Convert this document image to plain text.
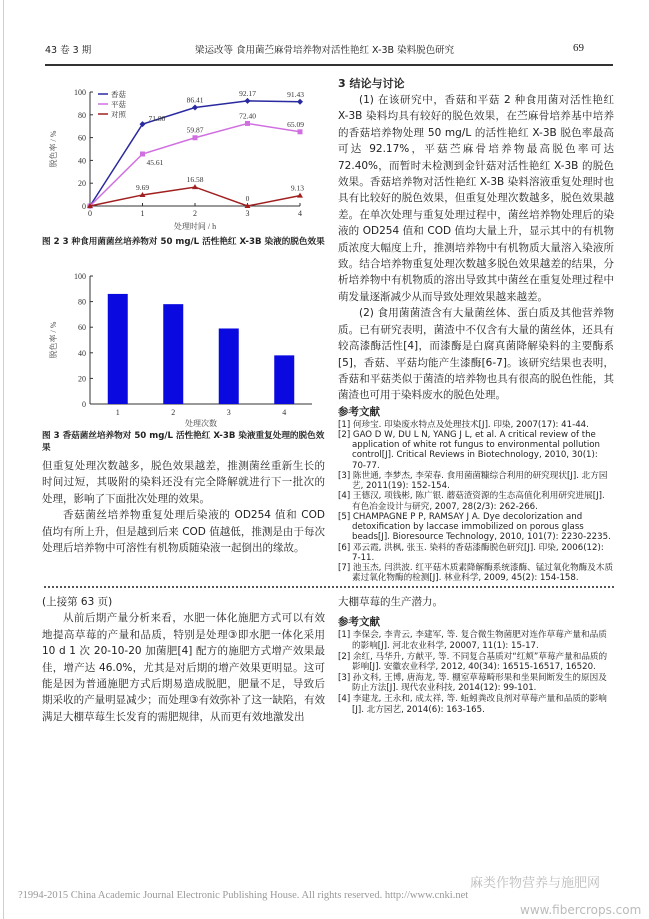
43 卷 3 期	梁运改等 食用菌苎麻骨培养物对活性艳红 X-3B 染料脱色研究	69
0
20
40
60
80
100
0	1	2	3	4
处理时间 / h
脱色率 / %
71.80
86.41
92.17	91.43
45.61
59.87
72.40
65.09
9.69
16.58
0
9.13
香菇
平菇
对照
图 2 3 种食用菌菌丝培养物对 50 mg/L 活性艳红 X-3B 染液的脱色效果
0
20
40
60
80
100
1	2	3	4
处理次数
脱色率 / %
图 3 香菇菌丝培养物对 50 mg/L 活性艳红 X-3B 染液重复处理的脱色效果
但重复处理次数越多，脱色效果越差，推测菌丝重新生长的时间过短，其吸附的染料还没有完全降解就进行下一批次的处理，影响了下面批次处理的效果。
香菇菌丝培养物重复处理后染液的 OD254 值和 COD 值均有所上升，但是越到后来 COD 值越低，推测是由于每次处理后培养物中可溶性有机物质随染液一起倒出的缘故。
3 结论与讨论
(1) 在该研究中，香菇和平菇 2 种食用菌对活性艳红 X-3B 染料均具有较好的脱色效果，在苎麻骨培养基中培养的香菇培养物处理 50 mg/L 的活性艳红 X-3B 脱色率最高可达 92.17%，平菇苎麻骨培养物最高脱色率可达 72.40%，而暂时未检测到金针菇对活性艳红 X-3B 的脱色效果。香菇培养物对活性艳红 X-3B 染料溶液重复处理时也具有比较好的脱色效果，但重复处理次数越多，脱色效果越差。在单次处理与重复处理过程中，菌丝培养物处理后的染液的 OD254 值和 COD 值均大量上升，显示其中的有机物质浓度大幅度上升，推测培养物中有机物质大量溶入染液所致。结合培养物重复处理次数越多脱色效果越差的结果，分析培养物中有机物质的溶出导致其中菌丝在重复处理过程中萌发量逐渐减少从而导致处理效果越来越差。
(2) 食用菌菌渣含有大量菌丝体、蛋白质及其他营养物质。已有研究表明，菌渣中不仅含有大量的菌丝体，还具有较高漆酶活性[4]，而漆酶是白腐真菌降解染料的主要酶系[5]，香菇、平菇均能产生漆酶[6-7]。该研究结果也表明，香菇和平菇类似于菌渣的培养物也具有很高的脱色性能，其菌渣也可用于染料废水的脱色处理。
参考文献
[1] 何珍宝. 印染废水特点及处理技术[J]. 印染, 2007(17): 41-44.
[2] GAO D W, DU L N, YANG J L, et al. A critical review of the application of white rot fungus to environmental pollution control[J]. Critical Reviews in Biotechnology, 2010, 30(1): 70-77.
[3] 陈世通, 李梦杰, 李荣春. 食用菌菌糠综合利用的研究现状[J]. 北方园艺, 2011(19): 152-154.
[4] 王德汉, 项钱彬, 陈广银. 蘑菇渣资源的生态高值化利用研究进展[J]. 有色冶金设计与研究, 2007, 28(2/3): 262-266.
[5] CHAMPAGNE P P, RAMSAY J A. Dye decolorization and detoxification by laccase immobilized on porous glass beads[J]. Bioresource Technology, 2010, 101(7): 2230-2235.
[6] 邓云霞, 洪枫, 张玉. 染料的香菇漆酶脱色研究[J]. 印染, 2006(12): 7-11.
[7] 池玉杰, 闫洪波. 红平菇木质素降解酶系统漆酶、锰过氧化物酶及木质素过氧化物酶的检测[J]. 林业科学, 2009, 45(2): 154-158.
(上接第 63 页)
从前后期产量分析来看，水肥一体化施肥方式可以有效地提高草莓的产量和品质，特别是处理③即水肥一体化采用 10 d 1 次 20-10-20 加菌肥[4] 配方的施肥方式增产效果最佳，增产达 46.0%，尤其是对后期的增产效果更明显。这可能是因为普通施肥方式后期易造成脱肥，肥量不足，导致后期采收的产量明显减少；而处理③有效弥补了这一缺陷，有效满足大棚草莓生长发育的需肥规律，从而更有效地激发出
大棚草莓的生产潜力。
参考文献
[1] 李保会, 李青云, 李建军, 等. 复合微生物菌肥对连作草莓产量和品质的影响[J]. 河北农业科学, 20007, 11(1): 15-17.
[2] 余红, 马华升, 方献平, 等. 不同复合基质对“红颊”草莓产量和品质的影响[J]. 安徽农业科学, 2012, 40(34): 16515-16517, 16520.
[3] 孙文科, 王博, 唐海龙, 等. 棚室草莓畸形果和坐果间断发生的原因及防止方法[J]. 现代农业科技, 2014(12): 99-101.
[4] 李建龙, 王永和, 成太祥, 等. 蚯蚓粪改良剂对草莓产量和品质的影响[J]. 北方园艺, 2014(6): 163-165.
?1994-2015 China Academic Journal Electronic Publishing House. All rights reserved. http://www.cnki.net
麻类作物营养与施肥网
www.fibercrops.com
